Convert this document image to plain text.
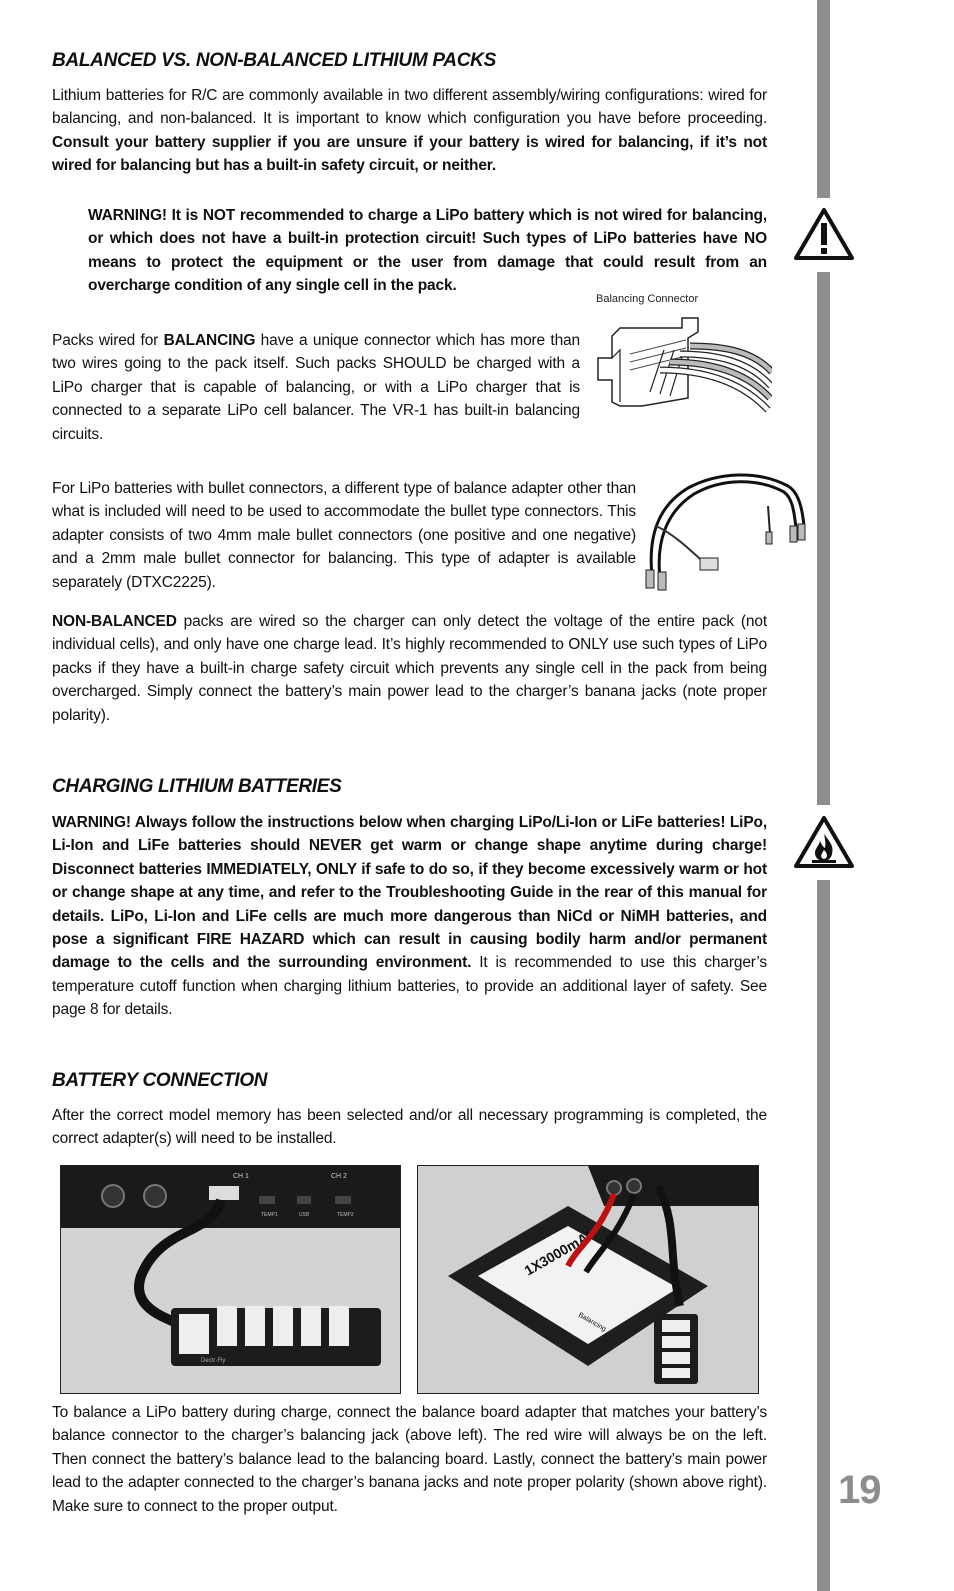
19
BALANCED VS. NON-BALANCED LITHIUM PACKS

Lithium batteries for R/C are commonly available in two different assembly/wiring configurations: wired for balancing, and non-balanced. It is important to know which configuration you have before proceeding. Consult your battery supplier if you are unsure if your battery is wired for balancing, if it’s not wired for balancing but has a built-in safety circuit, or neither.

WARNING! It is NOT recommended to charge a LiPo battery which is not wired for balancing, or which does not have a built-in protection circuit! Such types of LiPo batteries have NO means to protect the equipment or the user from damage that could result from an overcharge condition of any single cell in the pack.

Balancing Connector

Packs wired for BALANCING have a unique connector which has more than two wires going to the pack itself. Such packs SHOULD be charged with a LiPo charger that is capable of balancing, or with a LiPo charger that is connected to a separate LiPo cell balancer. The VR-1 has built-in balancing circuits.

For LiPo batteries with bullet connectors, a different type of balance adapter other than what is included will need to be used to accommodate the bullet type connectors. This adapter consists of two 4mm male bullet connectors (one positive and one negative) and a 2mm male bullet connector for balancing. This type of adapter is available separately (DTXC2225).

NON-BALANCED packs are wired so the charger can only detect the voltage of the entire pack (not individual cells), and only have one charge lead. It’s highly recommended to ONLY use such types of LiPo packs if they have a built-in charge safety circuit which prevents any single cell in the pack from being overcharged. Simply connect the battery’s main power lead to the charger’s banana jacks (note proper polarity).

CHARGING LITHIUM BATTERIES

WARNING! Always follow the instructions below when charging LiPo/Li-Ion or LiFe batteries! LiPo, Li-Ion and LiFe batteries should NEVER get warm or change shape anytime during charge! Disconnect batteries IMMEDIATELY, ONLY if safe to do so, if they become excessively warm or hot or change shape at any time, and refer to the Troubleshooting Guide in the rear of this manual for details. LiPo, Li-Ion and LiFe cells are much more dangerous than NiCd or NiMH batteries, and pose a significant FIRE HAZARD which can result in causing bodily harm and/or permanent damage to the cells and the surrounding environment. It is recommended to use this charger’s temperature cutoff function when charging lithium batteries, to provide an additional layer of safety. See page 8 for details.

BATTERY CONNECTION

After the correct model memory has been selected and/or all necessary programming is completed, the correct adapter(s) will need to be installed.

CH 1	CH 2
TEMP1	USB	TEMP2
Dectr·Fly
1X3000mAh
Balancing

To balance a LiPo battery during charge, connect the balance board adapter that matches your battery’s balance connector to the charger’s balancing jack (above left). The red wire will always be on the left. Then connect the battery’s balance lead to the balancing board. Lastly, connect the battery’s main power lead to the adapter connected to the charger’s banana jacks and note proper polarity (shown above right). Make sure to connect to the proper output.
